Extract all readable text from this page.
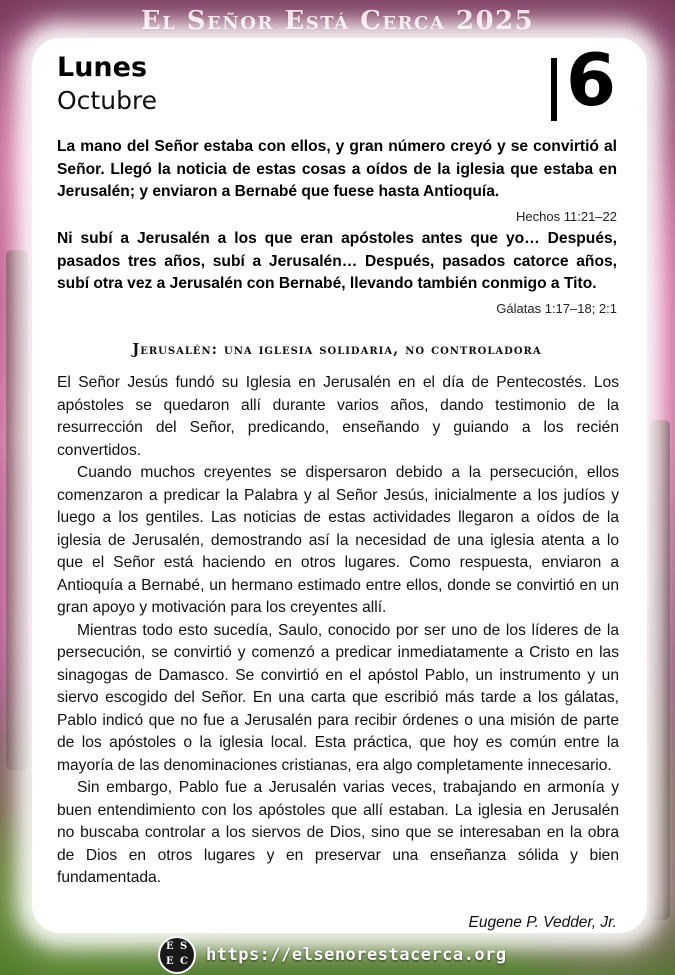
El Señor Está Cerca 2025
Lunes
Octubre	6
La mano del Señor estaba con ellos, y gran número creyó y se convirtió al Señor. Llegó la noticia de estas cosas a oídos de la iglesia que estaba en Jerusalén; y enviaron a Bernabé que fuese hasta Antioquía.
Hechos 11:21–22
Ni subí a Jerusalén a los que eran apóstoles antes que yo… Después, pasados tres años, subí a Jerusalén… Después, pasados catorce años, subí otra vez a Jerusalén con Bernabé, llevando también conmigo a Tito.
Gálatas 1:17–18; 2:1
Jerusalén: una iglesia solidaria, no controladora

El Señor Jesús fundó su Iglesia en Jerusalén en el día de Pentecostés. Los apóstoles se quedaron allí durante varios años, dando testimonio de la resurrección del Señor, predicando, enseñando y guiando a los recién convertidos.

Cuando muchos creyentes se dispersaron debido a la persecución, ellos comenzaron a predicar la Palabra y al Señor Jesús, inicialmente a los judíos y luego a los gentiles. Las noticias de estas actividades llegaron a oídos de la iglesia de Jerusalén, demostrando así la necesidad de una iglesia atenta a lo que el Señor está haciendo en otros lugares. Como respuesta, enviaron a Antioquía a Bernabé, un hermano estimado entre ellos, donde se convirtió en un gran apoyo y motivación para los creyentes allí.

Mientras todo esto sucedía, Saulo, conocido por ser uno de los líderes de la persecución, se convirtió y comenzó a predicar inmediatamente a Cristo en las sinagogas de Damasco. Se convirtió en el apóstol Pablo, un instrumento y un siervo escogido del Señor. En una carta que escribió más tarde a los gálatas, Pablo indicó que no fue a Jerusalén para recibir órdenes o una misión de parte de los apóstoles o la iglesia local. Esta práctica, que hoy es común entre la mayoría de las denominaciones cristianas, era algo completamente innecesario.

Sin embargo, Pablo fue a Jerusalén varias veces, trabajando en armonía y buen entendimiento con los apóstoles que allí estaban. La iglesia en Jerusalén no buscaba controlar a los siervos de Dios, sino que se interesaban en la obra de Dios en otros lugares y en preservar una enseñanza sólida y bien fundamentada.

Eugene P. Vedder, Jr.
E S
E C https://elsenorestacerca.org
